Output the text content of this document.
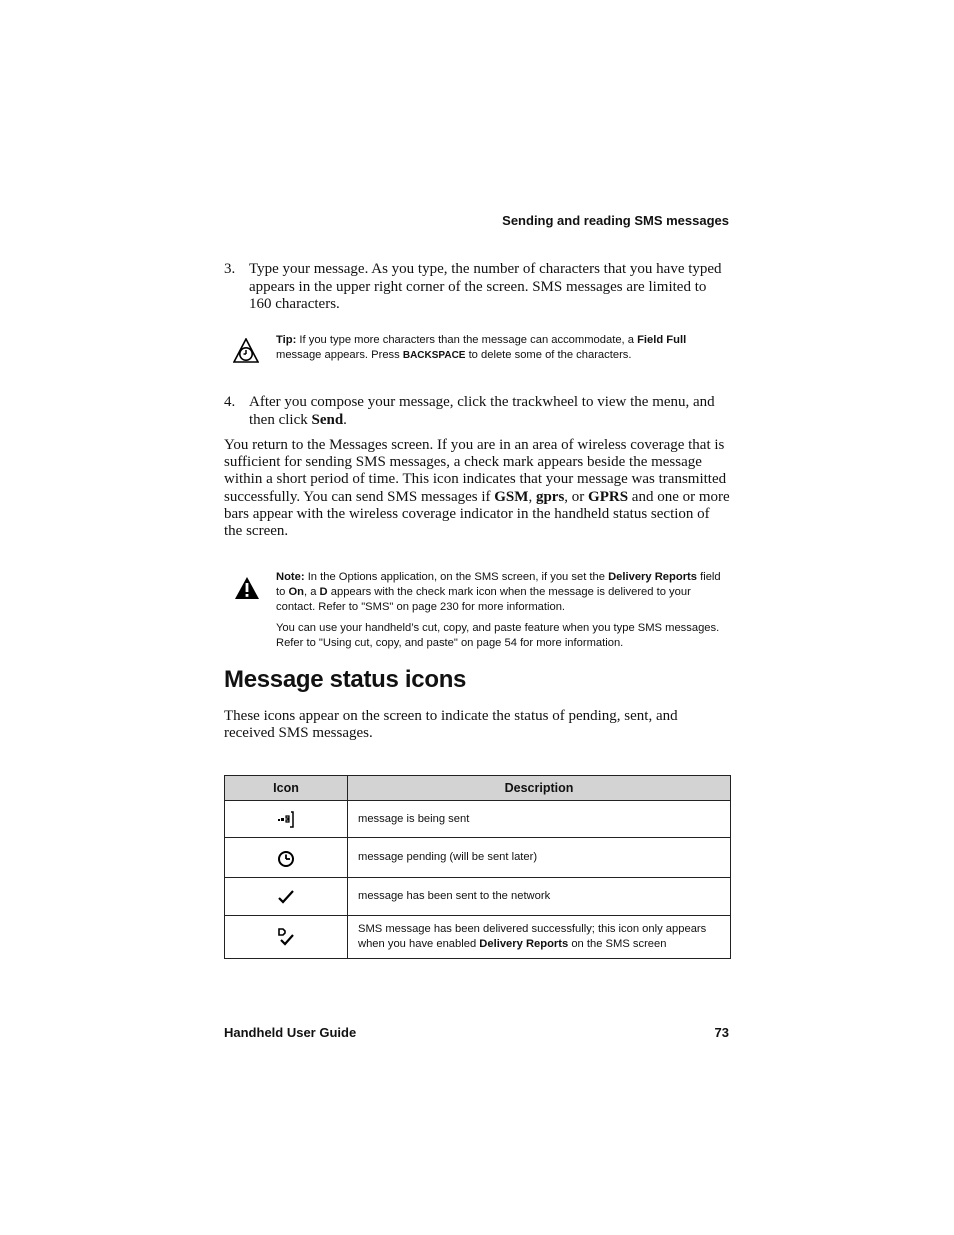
Sending and reading SMS messages
3. Type your message. As you type, the number of characters that you have typed appears in the upper right corner of the screen. SMS messages are limited to 160 characters.

Tip: If you type more characters than the message can accommodate, a Field Full message appears. Press BACKSPACE to delete some of the characters.

4. After you compose your message, click the trackwheel to view the menu, and then click Send.
You return to the Messages screen. If you are in an area of wireless coverage that is sufficient for sending SMS messages, a check mark appears beside the message within a short period of time. This icon indicates that your message was transmitted successfully. You can send SMS messages if GSM, gprs, or GPRS and one or more bars appear with the wireless coverage indicator in the handheld status section of the screen.

Note: In the Options application, on the SMS screen, if you set the Delivery Reports field to On, a D appears with the check mark icon when the message is delivered to your contact. Refer to "SMS" on page 230 for more information.

You can use your handheld’s cut, copy, and paste feature when you type SMS messages. Refer to "Using cut, copy, and paste" on page 54 for more information.

Message status icons
These icons appear on the screen to indicate the status of pending, sent, and received SMS messages.
Icon	Description
	message is being sent
	message pending (will be sent later)
	message has been sent to the network
	SMS message has been delivered successfully; this icon only appears when you have enabled Delivery Reports on the SMS screen
Handheld User Guide	73
